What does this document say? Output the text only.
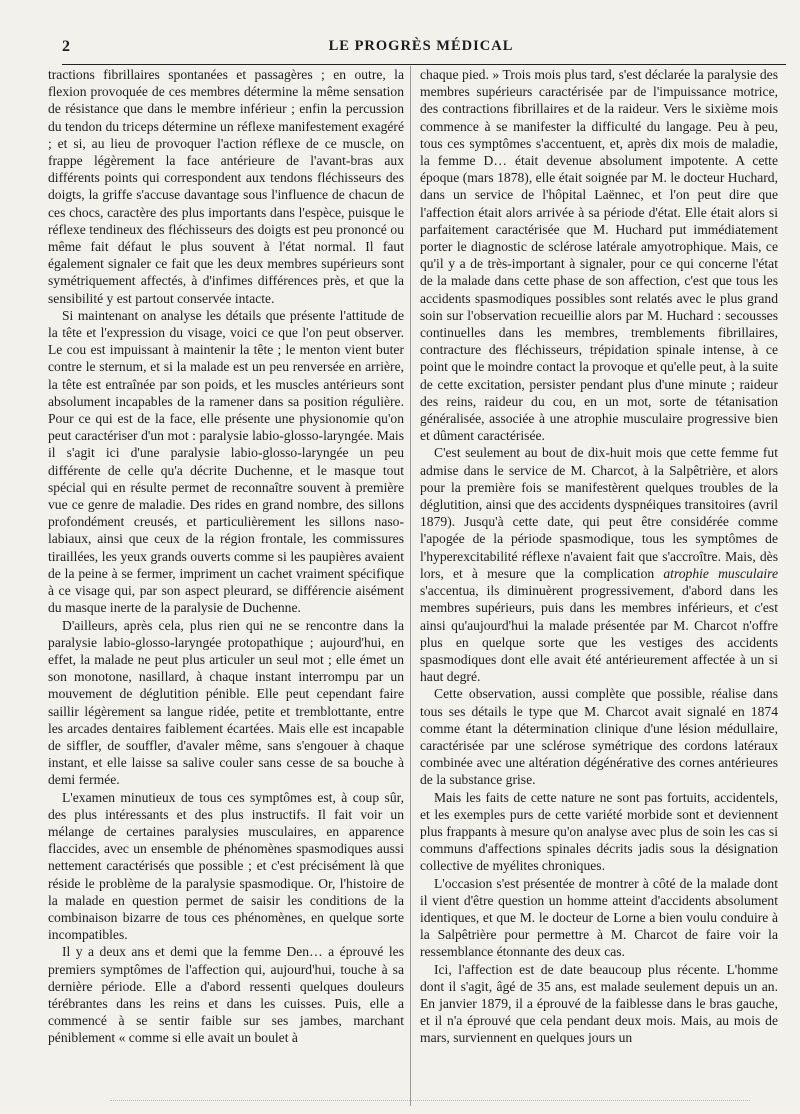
2	LE PROGRÈS MÉDICAL

tractions fibrillaires spontanées et passagères ; en outre, la flexion provoquée de ces membres détermine la même sensation de résistance que dans le membre inférieur ; enfin la percussion du tendon du triceps détermine un réflexe manifestement exagéré ; et si, au lieu de provoquer l'action réflexe de ce muscle, on frappe légèrement la face antérieure de l'avant-bras aux différents points qui correspondent aux tendons fléchisseurs des doigts, la griffe s'accuse davantage sous l'influence de chacun de ces chocs, caractère des plus importants dans l'espèce, puisque le réflexe tendineux des fléchisseurs des doigts est peu prononcé ou même fait défaut le plus souvent à l'état normal. Il faut également signaler ce fait que les deux membres supérieurs sont symétriquement affectés, à d'infimes différences près, et que la sensibilité y est partout conservée intacte.

Si maintenant on analyse les détails que présente l'attitude de la tête et l'expression du visage, voici ce que l'on peut observer. Le cou est impuissant à maintenir la tête ; le menton vient buter contre le sternum, et si la malade est un peu renversée en arrière, la tête est entraînée par son poids, et les muscles antérieurs sont absolument incapables de la ramener dans sa position régulière. Pour ce qui est de la face, elle présente une physionomie qu'on peut caractériser d'un mot : paralysie labio-glosso-laryngée. Mais il s'agit ici d'une paralysie labio-glosso-laryngée un peu différente de celle qu'a décrite Duchenne, et le masque tout spécial qui en résulte permet de reconnaître souvent à première vue ce genre de maladie. Des rides en grand nombre, des sillons profondément creusés, et particulièrement les sillons naso-labiaux, ainsi que ceux de la région frontale, les commissures tiraillées, les yeux grands ouverts comme si les paupières avaient de la peine à se fermer, impriment un cachet vraiment spécifique à ce visage qui, par son aspect pleurard, se différencie aisément du masque inerte de la paralysie de Duchenne.

D'ailleurs, après cela, plus rien qui ne se rencontre dans la paralysie labio-glosso-laryngée protopathique ; aujourd'hui, en effet, la malade ne peut plus articuler un seul mot ; elle émet un son monotone, nasillard, à chaque instant interrompu par un mouvement de déglutition pénible. Elle peut cependant faire saillir légèrement sa langue ridée, petite et tremblottante, entre les arcades dentaires faiblement écartées. Mais elle est incapable de siffler, de souffler, d'avaler même, sans s'engouer à chaque instant, et elle laisse sa salive couler sans cesse de sa bouche à demi fermée.

L'examen minutieux de tous ces symptômes est, à coup sûr, des plus intéressants et des plus instructifs. Il fait voir un mélange de certaines paralysies musculaires, en apparence flaccides, avec un ensemble de phénomènes spasmodiques aussi nettement caractérisés que possible ; et c'est précisément là que réside le problème de la paralysie spasmodique. Or, l'histoire de la malade en question permet de saisir les conditions de la combinaison bizarre de tous ces phénomènes, en quelque sorte incompatibles.

Il y a deux ans et demi que la femme Den… a éprouvé les premiers symptômes de l'affection qui, aujourd'hui, touche à sa dernière période. Elle a d'abord ressenti quelques douleurs térébrantes dans les reins et dans les cuisses. Puis, elle a commencé à se sentir faible sur ses jambes, marchant péniblement « comme si elle avait un boulet à

chaque pied. » Trois mois plus tard, s'est déclarée la paralysie des membres supérieurs caractérisée par de l'impuissance motrice, des contractions fibrillaires et de la raideur. Vers le sixième mois commence à se manifester la difficulté du langage. Peu à peu, tous ces symptômes s'accentuent, et, après dix mois de maladie, la femme D… était devenue absolument impotente. A cette époque (mars 1878), elle était soignée par M. le docteur Huchard, dans un service de l'hôpital Laënnec, et l'on peut dire que l'affection était alors arrivée à sa période d'état. Elle était alors si parfaitement caractérisée que M. Huchard put immédiatement porter le diagnostic de sclérose latérale amyotrophique. Mais, ce qu'il y a de très-important à signaler, pour ce qui concerne l'état de la malade dans cette phase de son affection, c'est que tous les accidents spasmodiques possibles sont relatés avec le plus grand soin sur l'observation recueillie alors par M. Huchard : secousses continuelles dans les membres, tremblements fibrillaires, contracture des fléchisseurs, trépidation spinale intense, à ce point que le moindre contact la provoque et qu'elle peut, à la suite de cette excitation, persister pendant plus d'une minute ; raideur des reins, raideur du cou, en un mot, sorte de tétanisation généralisée, associée à une atrophie musculaire progressive bien et dûment caractérisée.

C'est seulement au bout de dix-huit mois que cette femme fut admise dans le service de M. Charcot, à la Salpêtrière, et alors pour la première fois se manifestèrent quelques troubles de la déglutition, ainsi que des accidents dyspnéiques transitoires (avril 1879). Jusqu'à cette date, qui peut être considérée comme l'apogée de la période spasmodique, tous les symptômes de l'hyperexcitabilité réflexe n'avaient fait que s'accroître. Mais, dès lors, et à mesure que la complication atrophie musculaire s'accentua, ils diminuèrent progressivement, d'abord dans les membres supérieurs, puis dans les membres inférieurs, et c'est ainsi qu'aujourd'hui la malade présentée par M. Charcot n'offre plus en quelque sorte que les vestiges des accidents spasmodiques dont elle avait été antérieurement affectée à un si haut degré.

Cette observation, aussi complète que possible, réalise dans tous ses détails le type que M. Charcot avait signalé en 1874 comme étant la détermination clinique d'une lésion médullaire, caractérisée par une sclérose symétrique des cordons latéraux combinée avec une altération dégénérative des cornes antérieures de la substance grise.

Mais les faits de cette nature ne sont pas fortuits, accidentels, et les exemples purs de cette variété morbide sont et deviennent plus frappants à mesure qu'on analyse avec plus de soin les cas si communs d'affections spinales décrits jadis sous la désignation collective de myélites chroniques.

L'occasion s'est présentée de montrer à côté de la malade dont il vient d'être question un homme atteint d'accidents absolument identiques, et que M. le docteur de Lorne a bien voulu conduire à la Salpêtrière pour permettre à M. Charcot de faire voir la ressemblance étonnante des deux cas.

Ici, l'affection est de date beaucoup plus récente. L'homme dont il s'agit, âgé de 35 ans, est malade seulement depuis un an. En janvier 1879, il a éprouvé de la faiblesse dans le bras gauche, et il n'a éprouvé que cela pendant deux mois. Mais, au mois de mars, surviennent en quelques jours un
